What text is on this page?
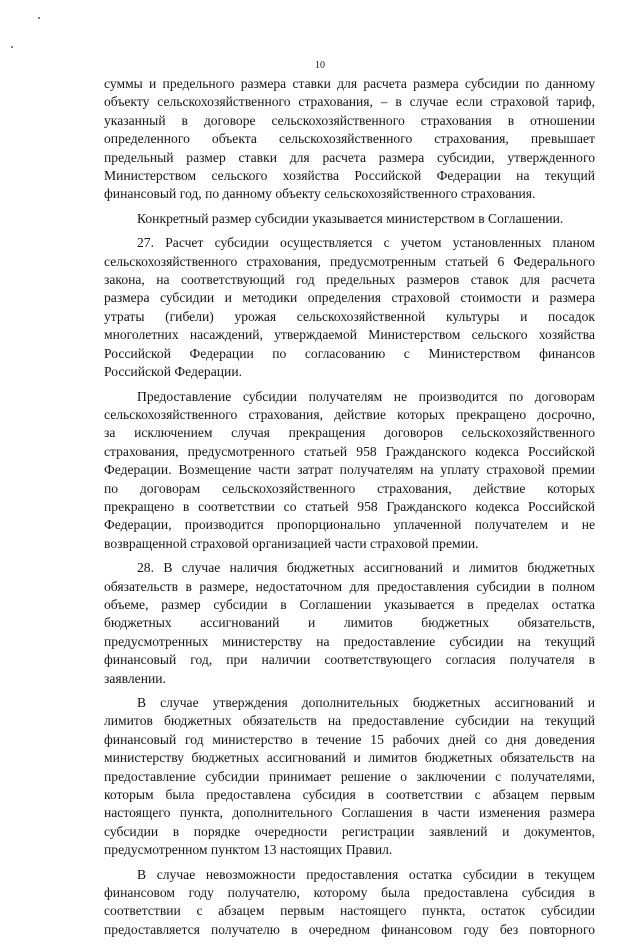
10

суммы и предельного размера ставки для расчета размера субсидии по данному
объекту сельскохозяйственного страхования, – в случае если страховой тариф,
указанный в договоре сельскохозяйственного страхования в отношении
определенного объекта сельскохозяйственного страхования, превышает
предельный размер ставки для расчета размера субсидии, утвержденного
Министерством сельского хозяйства Российской Федерации на текущий
финансовый год, по данному объекту сельскохозяйственного страхования.

Конкретный размер субсидии указывается министерством в Соглашении.

27. Расчет субсидии осуществляется с учетом установленных планом
сельскохозяйственного страхования, предусмотренным статьей 6 Федерального
закона, на соответствующий год предельных размеров ставок для расчета
размера субсидии и методики определения страховой стоимости и размера
утраты (гибели) урожая сельскохозяйственной культуры и посадок
многолетних насаждений, утверждаемой Министерством сельского хозяйства
Российской Федерации по согласованию с Министерством финансов
Российской Федерации.

Предоставление субсидии получателям не производится по договорам
сельскохозяйственного страхования, действие которых прекращено досрочно,
за исключением случая прекращения договоров сельскохозяйственного
страхования, предусмотренного статьей 958 Гражданского кодекса Российской
Федерации. Возмещение части затрат получателям на уплату страховой премии
по договорам сельскохозяйственного страхования, действие которых
прекращено в соответствии со статьей 958 Гражданского кодекса Российской
Федерации, производится пропорционально уплаченной получателем и не
возвращенной страховой организацией части страховой премии.

28. В случае наличия бюджетных ассигнований и лимитов бюджетных
обязательств в размере, недостаточном для предоставления субсидии в полном
объеме, размер субсидии в Соглашении указывается в пределах остатка
бюджетных ассигнований и лимитов бюджетных обязательств,
предусмотренных министерству на предоставление субсидии на текущий
финансовый год, при наличии соответствующего согласия получателя в
заявлении.

В случае утверждения дополнительных бюджетных ассигнований и
лимитов бюджетных обязательств на предоставление субсидии на текущий
финансовый год министерство в течение 15 рабочих дней со дня доведения
министерству бюджетных ассигнований и лимитов бюджетных обязательств на
предоставление субсидии принимает решение о заключении с получателями,
которым была предоставлена субсидия в соответствии с абзацем первым
настоящего пункта, дополнительного Соглашения в части изменения размера
субсидии в порядке очередности регистрации заявлений и документов,
предусмотренном пунктом 13 настоящих Правил.

В случае невозможности предоставления остатка субсидии в текущем
финансовом году получателю, которому была предоставлена субсидия в
соответствии с абзацем первым настоящего пункта, остаток субсидии
предоставляется получателю в очередном финансовом году без повторного
